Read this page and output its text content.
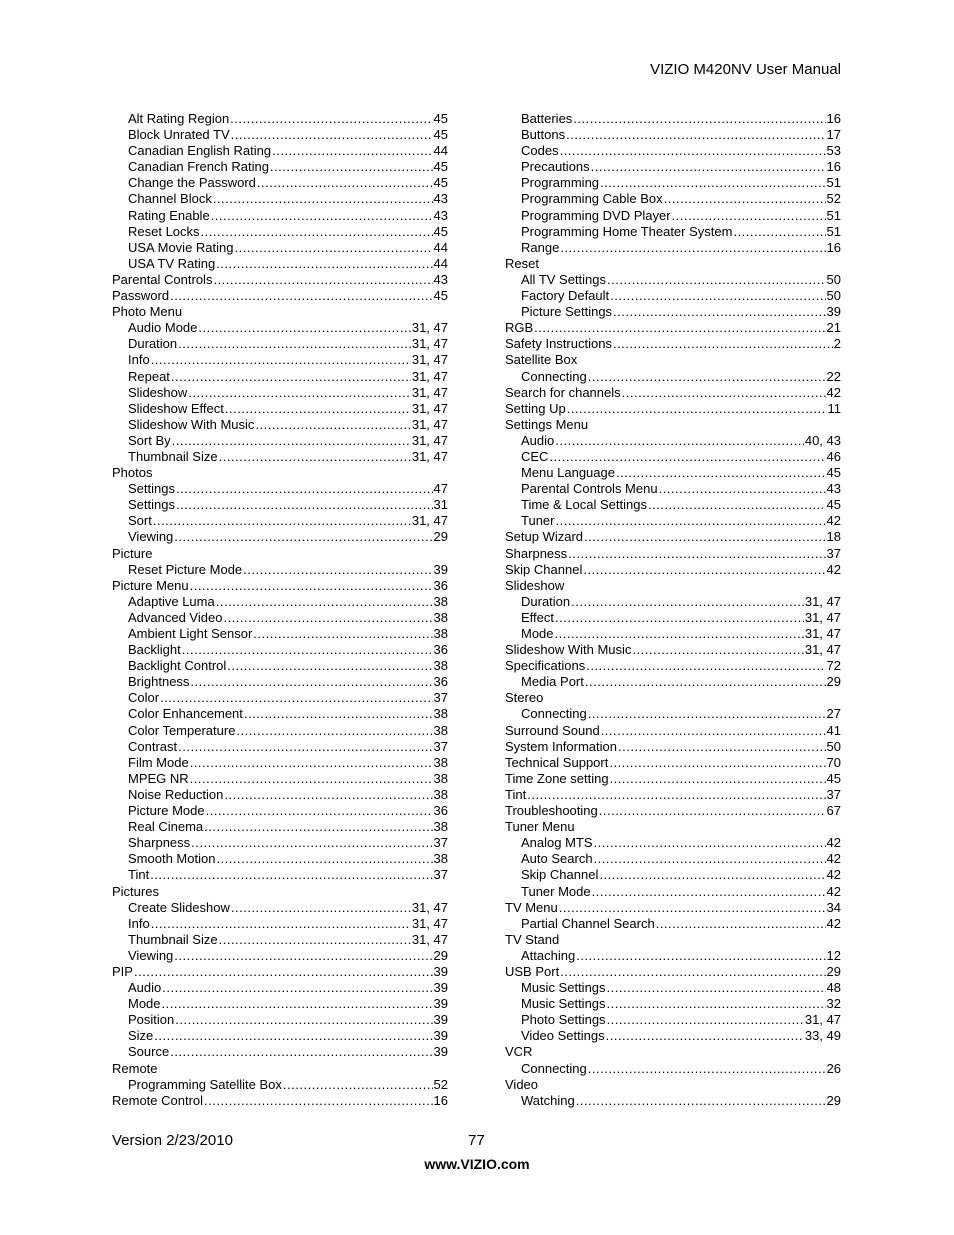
VIZIO M420NV User Manual
Alt Rating Region .....	45
Block Unrated TV .....	45
Canadian English Rating .....	44
Canadian French Rating .....	45
Change the Password .....	45
Channel Block .....	43
Rating Enable .....	43
Reset Locks .....	45
USA Movie Rating .....	44
USA TV Rating .....	44
Parental Controls .....	43
Password .....	45
Photo Menu
Audio Mode .....	31, 47
Duration .....	31, 47
Info .....	31, 47
Repeat .....	31, 47
Slideshow .....	31, 47
Slideshow Effect .....	31, 47
Slideshow With Music .....	31, 47
Sort By .....	31, 47
Thumbnail Size .....	31, 47
Photos
Settings .....	47
Settings .....	31
Sort .....	31, 47
Viewing .....	29
Picture
Reset Picture Mode .....	39
Picture Menu .....	36
Adaptive Luma .....	38
Advanced Video .....	38
Ambient Light Sensor .....	38
Backlight .....	36
Backlight Control .....	38
Brightness .....	36
Color .....	37
Color Enhancement .....	38
Color Temperature .....	38
Contrast .....	37
Film Mode .....	38
MPEG NR .....	38
Noise Reduction .....	38
Picture Mode .....	36
Real Cinema .....	38
Sharpness .....	37
Smooth Motion .....	38
Tint .....	37
Pictures
Create Slideshow .....	31, 47
Info .....	31, 47
Thumbnail Size .....	31, 47
Viewing .....	29
PIP .....	39
Audio .....	39
Mode .....	39
Position .....	39
Size .....	39
Source .....	39
Remote
Programming Satellite Box .....	52
Remote Control .....	16
Batteries .....	16
Buttons .....	17
Codes .....	53
Precautions .....	16
Programming .....	51
Programming Cable Box .....	52
Programming DVD Player .....	51
Programming Home Theater System .....	51
Range .....	16
Reset
All TV Settings .....	50
Factory Default .....	50
Picture Settings .....	39
RGB .....	21
Safety Instructions .....	2
Satellite Box
Connecting .....	22
Search for channels .....	42
Setting Up .....	11
Settings Menu
Audio .....	40, 43
CEC .....	46
Menu Language .....	45
Parental Controls Menu .....	43
Time & Local Settings .....	45
Tuner .....	42
Setup Wizard .....	18
Sharpness .....	37
Skip Channel .....	42
Slideshow
Duration .....	31, 47
Effect .....	31, 47
Mode .....	31, 47
Slideshow With Music .....	31, 47
Specifications .....	72
Media Port .....	29
Stereo
Connecting .....	27
Surround Sound .....	41
System Information .....	50
Technical Support .....	70
Time Zone setting .....	45
Tint .....	37
Troubleshooting .....	67
Tuner Menu
Analog MTS .....	42
Auto Search .....	42
Skip Channel .....	42
Tuner Mode .....	42
TV Menu .....	34
Partial Channel Search .....	42
TV Stand
Attaching .....	12
USB Port .....	29
Music Settings .....	48
Music Settings .....	32
Photo Settings .....	31, 47
Video Settings .....	33, 49
VCR
Connecting .....	26
Video
Watching .....	29
Version 2/23/2010	77
www.VIZIO.com
